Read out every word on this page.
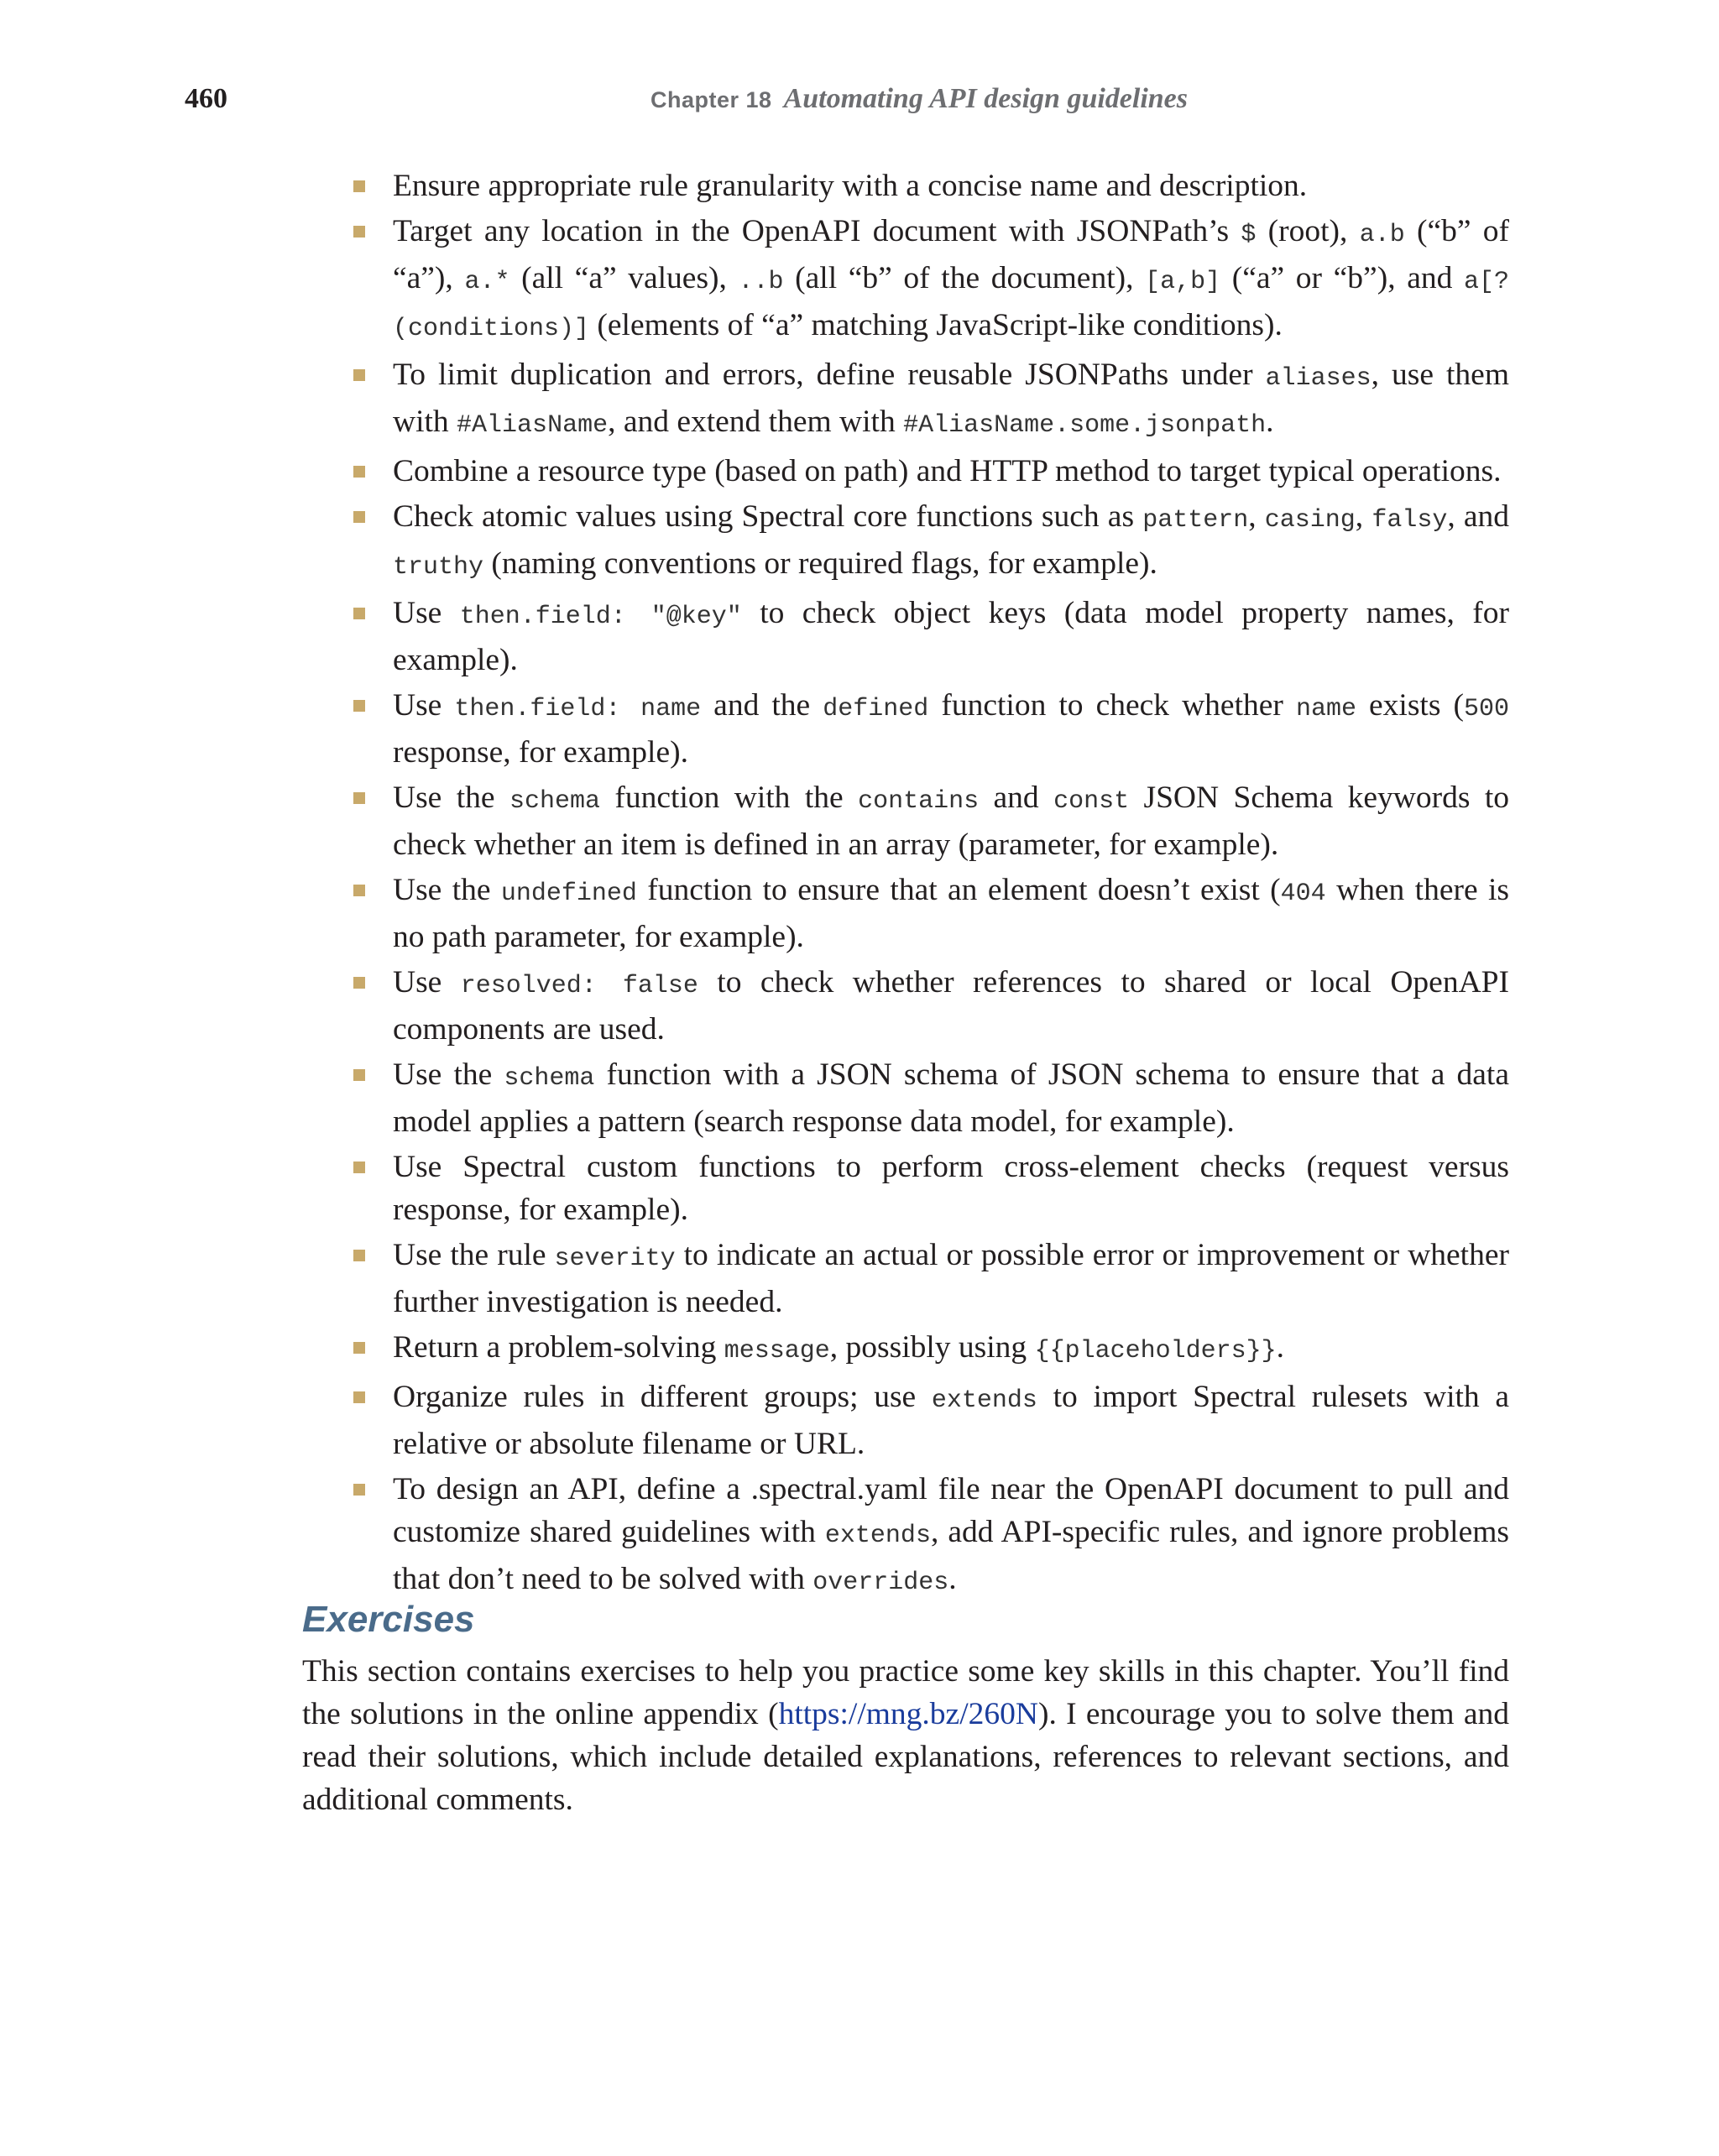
460	Chapter 18 Automating API design guidelines
Ensure appropriate rule granularity with a concise name and description.
Target any location in the OpenAPI document with JSONPath’s $ (root), a.b (“b” of “a”), a.* (all “a” values), ..b (all “b” of the document), [a,b] (“a” or “b”), and a[?(conditions)] (elements of “a” matching JavaScript-like conditions).
To limit duplication and errors, define reusable JSONPaths under aliases, use them with #AliasName, and extend them with #AliasName.some.jsonpath.
Combine a resource type (based on path) and HTTP method to target typical operations.
Check atomic values using Spectral core functions such as pattern, casing, falsy, and truthy (naming conventions or required flags, for example).
Use then.field: "@key" to check object keys (data model property names, for example).
Use then.field: name and the defined function to check whether name exists (500 response, for example).
Use the schema function with the contains and const JSON Schema keywords to check whether an item is defined in an array (parameter, for example).
Use the undefined function to ensure that an element doesn’t exist (404 when there is no path parameter, for example).
Use resolved: false to check whether references to shared or local OpenAPI components are used.
Use the schema function with a JSON schema of JSON schema to ensure that a data model applies a pattern (search response data model, for example).
Use Spectral custom functions to perform cross-element checks (request versus response, for example).
Use the rule severity to indicate an actual or possible error or improvement or whether further investigation is needed.
Return a problem-solving message, possibly using {{placeholders}}.
Organize rules in different groups; use extends to import Spectral rulesets with a relative or absolute filename or URL.
To design an API, define a .spectral.yaml file near the OpenAPI document to pull and customize shared guidelines with extends, add API-specific rules, and ignore problems that don’t need to be solved with overrides.
Exercises

This section contains exercises to help you practice some key skills in this chapter. You’ll find the solutions in the online appendix (https://mng.bz/260N). I encourage you to solve them and read their solutions, which include detailed explanations, references to relevant sections, and additional comments.
